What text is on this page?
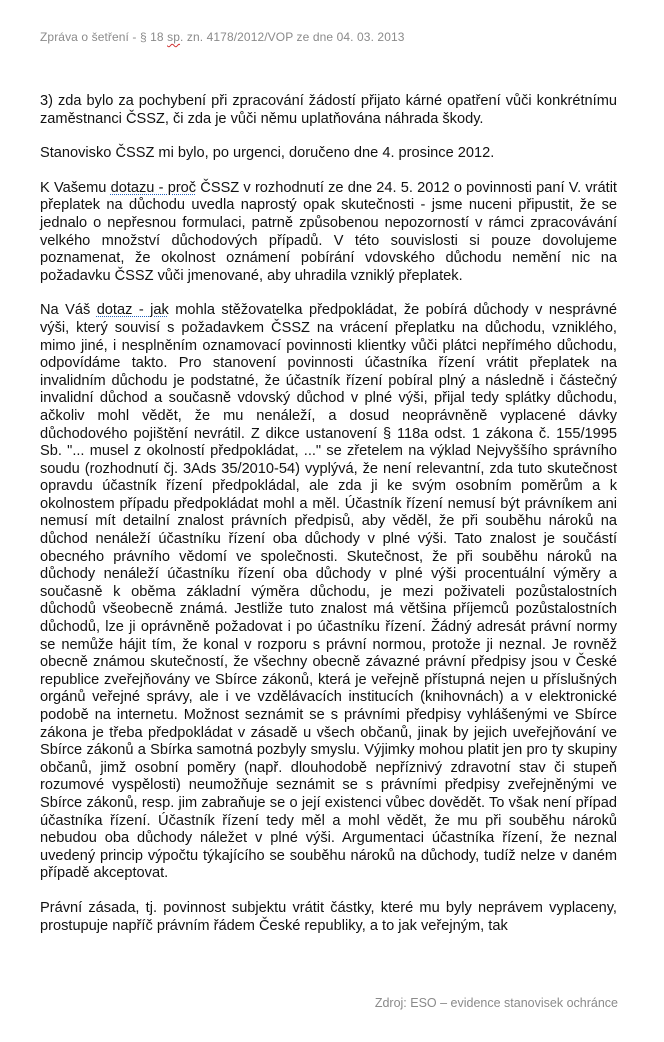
Zpráva o šetření - § 18 sp. zn. 4178/2012/VOP ze dne 04. 03. 2013

3) zda bylo za pochybení při zpracování žádostí přijato kárné opatření vůči konkrétnímu zaměstnanci ČSSZ, či zda je vůči němu uplatňována náhrada škody.

Stanovisko ČSSZ mi bylo, po urgenci, doručeno dne 4. prosince 2012.

K Vašemu dotazu - proč ČSSZ v rozhodnutí ze dne 24. 5. 2012 o povinnosti paní V. vrátit přeplatek na důchodu uvedla naprostý opak skutečnosti - jsme nuceni připustit, že se jednalo o nepřesnou formulaci, patrně způsobenou nepozorností v rámci zpracovávání velkého množství důchodových případů. V této souvislosti si pouze dovolujeme poznamenat, že okolnost oznámení pobírání vdovského důchodu nemění nic na požadavku ČSSZ vůči jmenované, aby uhradila vzniklý přeplatek.

Na Váš dotaz - jak mohla stěžovatelka předpokládat, že pobírá důchody v nesprávné výši, který souvisí s požadavkem ČSSZ na vrácení přeplatku na důchodu, vzniklého, mimo jiné, i nesplněním oznamovací povinnosti klientky vůči plátci nepřímého důchodu, odpovídáme takto. Pro stanovení povinnosti účastníka řízení vrátit přeplatek na invalidním důchodu je podstatné, že účastník řízení pobíral plný a následně i částečný invalidní důchod a současně vdovský důchod v plné výši, přijal tedy splátky důchodu, ačkoliv mohl vědět, že mu nenáleží, a dosud neoprávněně vyplacené dávky důchodového pojištění nevrátil. Z dikce ustanovení § 118a odst. 1 zákona č. 155/1995 Sb. "... musel z okolností předpokládat, ..." se zřetelem na výklad Nejvyššího správního soudu (rozhodnutí čj. 3Ads 35/2010-54) vyplývá, že není relevantní, zda tuto skutečnost opravdu účastník řízení předpokládal, ale zda ji ke svým osobním poměrům a k okolnostem případu předpokládat mohl a měl. Účastník řízení nemusí být právníkem ani nemusí mít detailní znalost právních předpisů, aby věděl, že při souběhu nároků na důchod nenáleží účastníku řízení oba důchody v plné výši. Tato znalost je součástí obecného právního vědomí ve společnosti. Skutečnost, že při souběhu nároků na důchody nenáleží účastníku řízení oba důchody v plné výši procentuální výměry a současně k oběma základní výměra důchodu, je mezi poživateli pozůstalostních důchodů všeobecně známá. Jestliže tuto znalost má většina příjemců pozůstalostních důchodů, lze ji oprávněně požadovat i po účastníku řízení. Žádný adresát právní normy se nemůže hájit tím, že konal v rozporu s právní normou, protože ji neznal. Je rovněž obecně známou skutečností, že všechny obecně závazné právní předpisy jsou v České republice zveřejňovány ve Sbírce zákonů, která je veřejně přístupná nejen u příslušných orgánů veřejné správy, ale i ve vzdělávacích institucích (knihovnách) a v elektronické podobě na internetu. Možnost seznámit se s právními předpisy vyhlášenými ve Sbírce zákona je třeba předpokládat v zásadě u všech občanů, jinak by jejich uveřejňování ve Sbírce zákonů a Sbírka samotná pozbyly smyslu. Výjimky mohou platit jen pro ty skupiny občanů, jimž osobní poměry (např. dlouhodobě nepříznivý zdravotní stav či stupeň rozumové vyspělosti) neumožňuje seznámit se s právními předpisy zveřejněnými ve Sbírce zákonů, resp. jim zabraňuje se o její existenci vůbec dovědět. To však není případ účastníka řízení. Účastník řízení tedy měl a mohl vědět, že mu při souběhu nároků nebudou oba důchody náležet v plné výši. Argumentaci účastníka řízení, že neznal uvedený princip výpočtu týkajícího se souběhu nároků na důchody, tudíž nelze v daném případě akceptovat.

Právní zásada, tj. povinnost subjektu vrátit částky, které mu byly neprávem vyplaceny, prostupuje napříč právním řádem České republiky, a to jak veřejným, tak

Zdroj: ESO – evidence stanovisek ochránce
